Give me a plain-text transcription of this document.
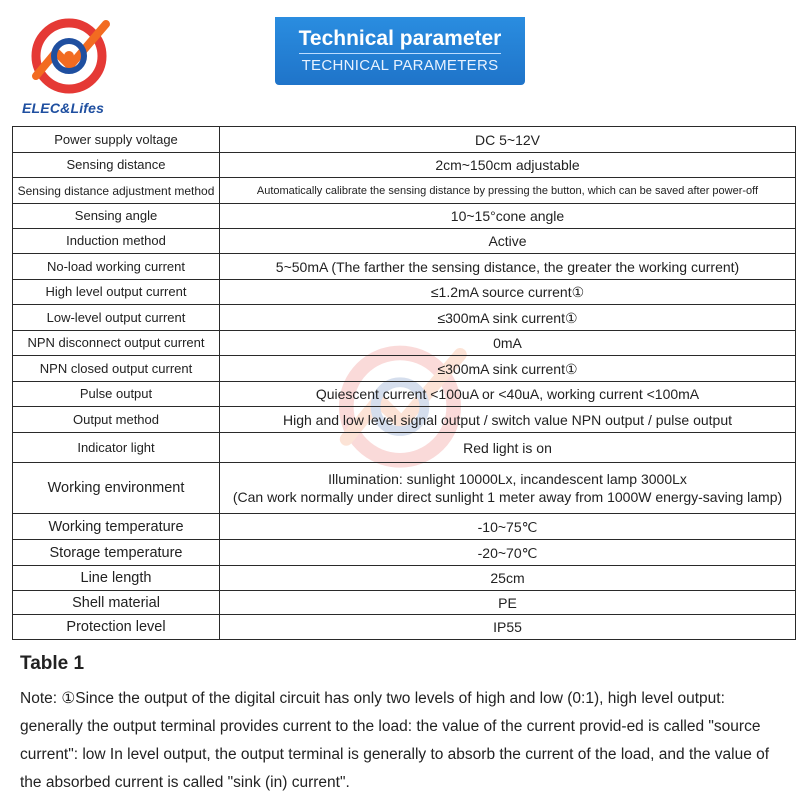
ELEC&Lifes
Technical parameter
TECHNICAL PARAMETERS
Power supply voltage	DC 5~12V
Sensing distance	2cm~150cm adjustable
Sensing distance adjustment method	Automatically calibrate the sensing distance by pressing the button, which can be saved after power-off
Sensing angle	10~15°cone angle
Induction method	Active
No-load working current	5~50mA (The farther the sensing distance, the greater the working current)
High level output current	≤1.2mA source current①
Low-level output current	≤300mA sink current①
NPN disconnect output current	0mA
NPN closed output current	≤300mA sink current①
Pulse output	Quiescent current <100uA or <40uA, working current <100mA
Output method	High and low level signal output / switch value NPN output / pulse output
Indicator light	Red light is on
Working environment	Illumination: sunlight 10000Lx, incandescent lamp 3000Lx
(Can work normally under direct sunlight 1 meter away from 1000W energy-saving lamp)

Working temperature	-10~75℃
Storage temperature	-20~70℃
Line length	25cm
Shell material	PE
Protection level	IP55
Table 1
Note: ①Since the output of the digital circuit has only two levels of high and low (0:1), high level output: generally the output terminal provides current to the load: the value of the current provid-ed is called "source current": low In level output, the output terminal is generally to absorb the current of the load, and the value of the absorbed current is called "sink (in) current".
